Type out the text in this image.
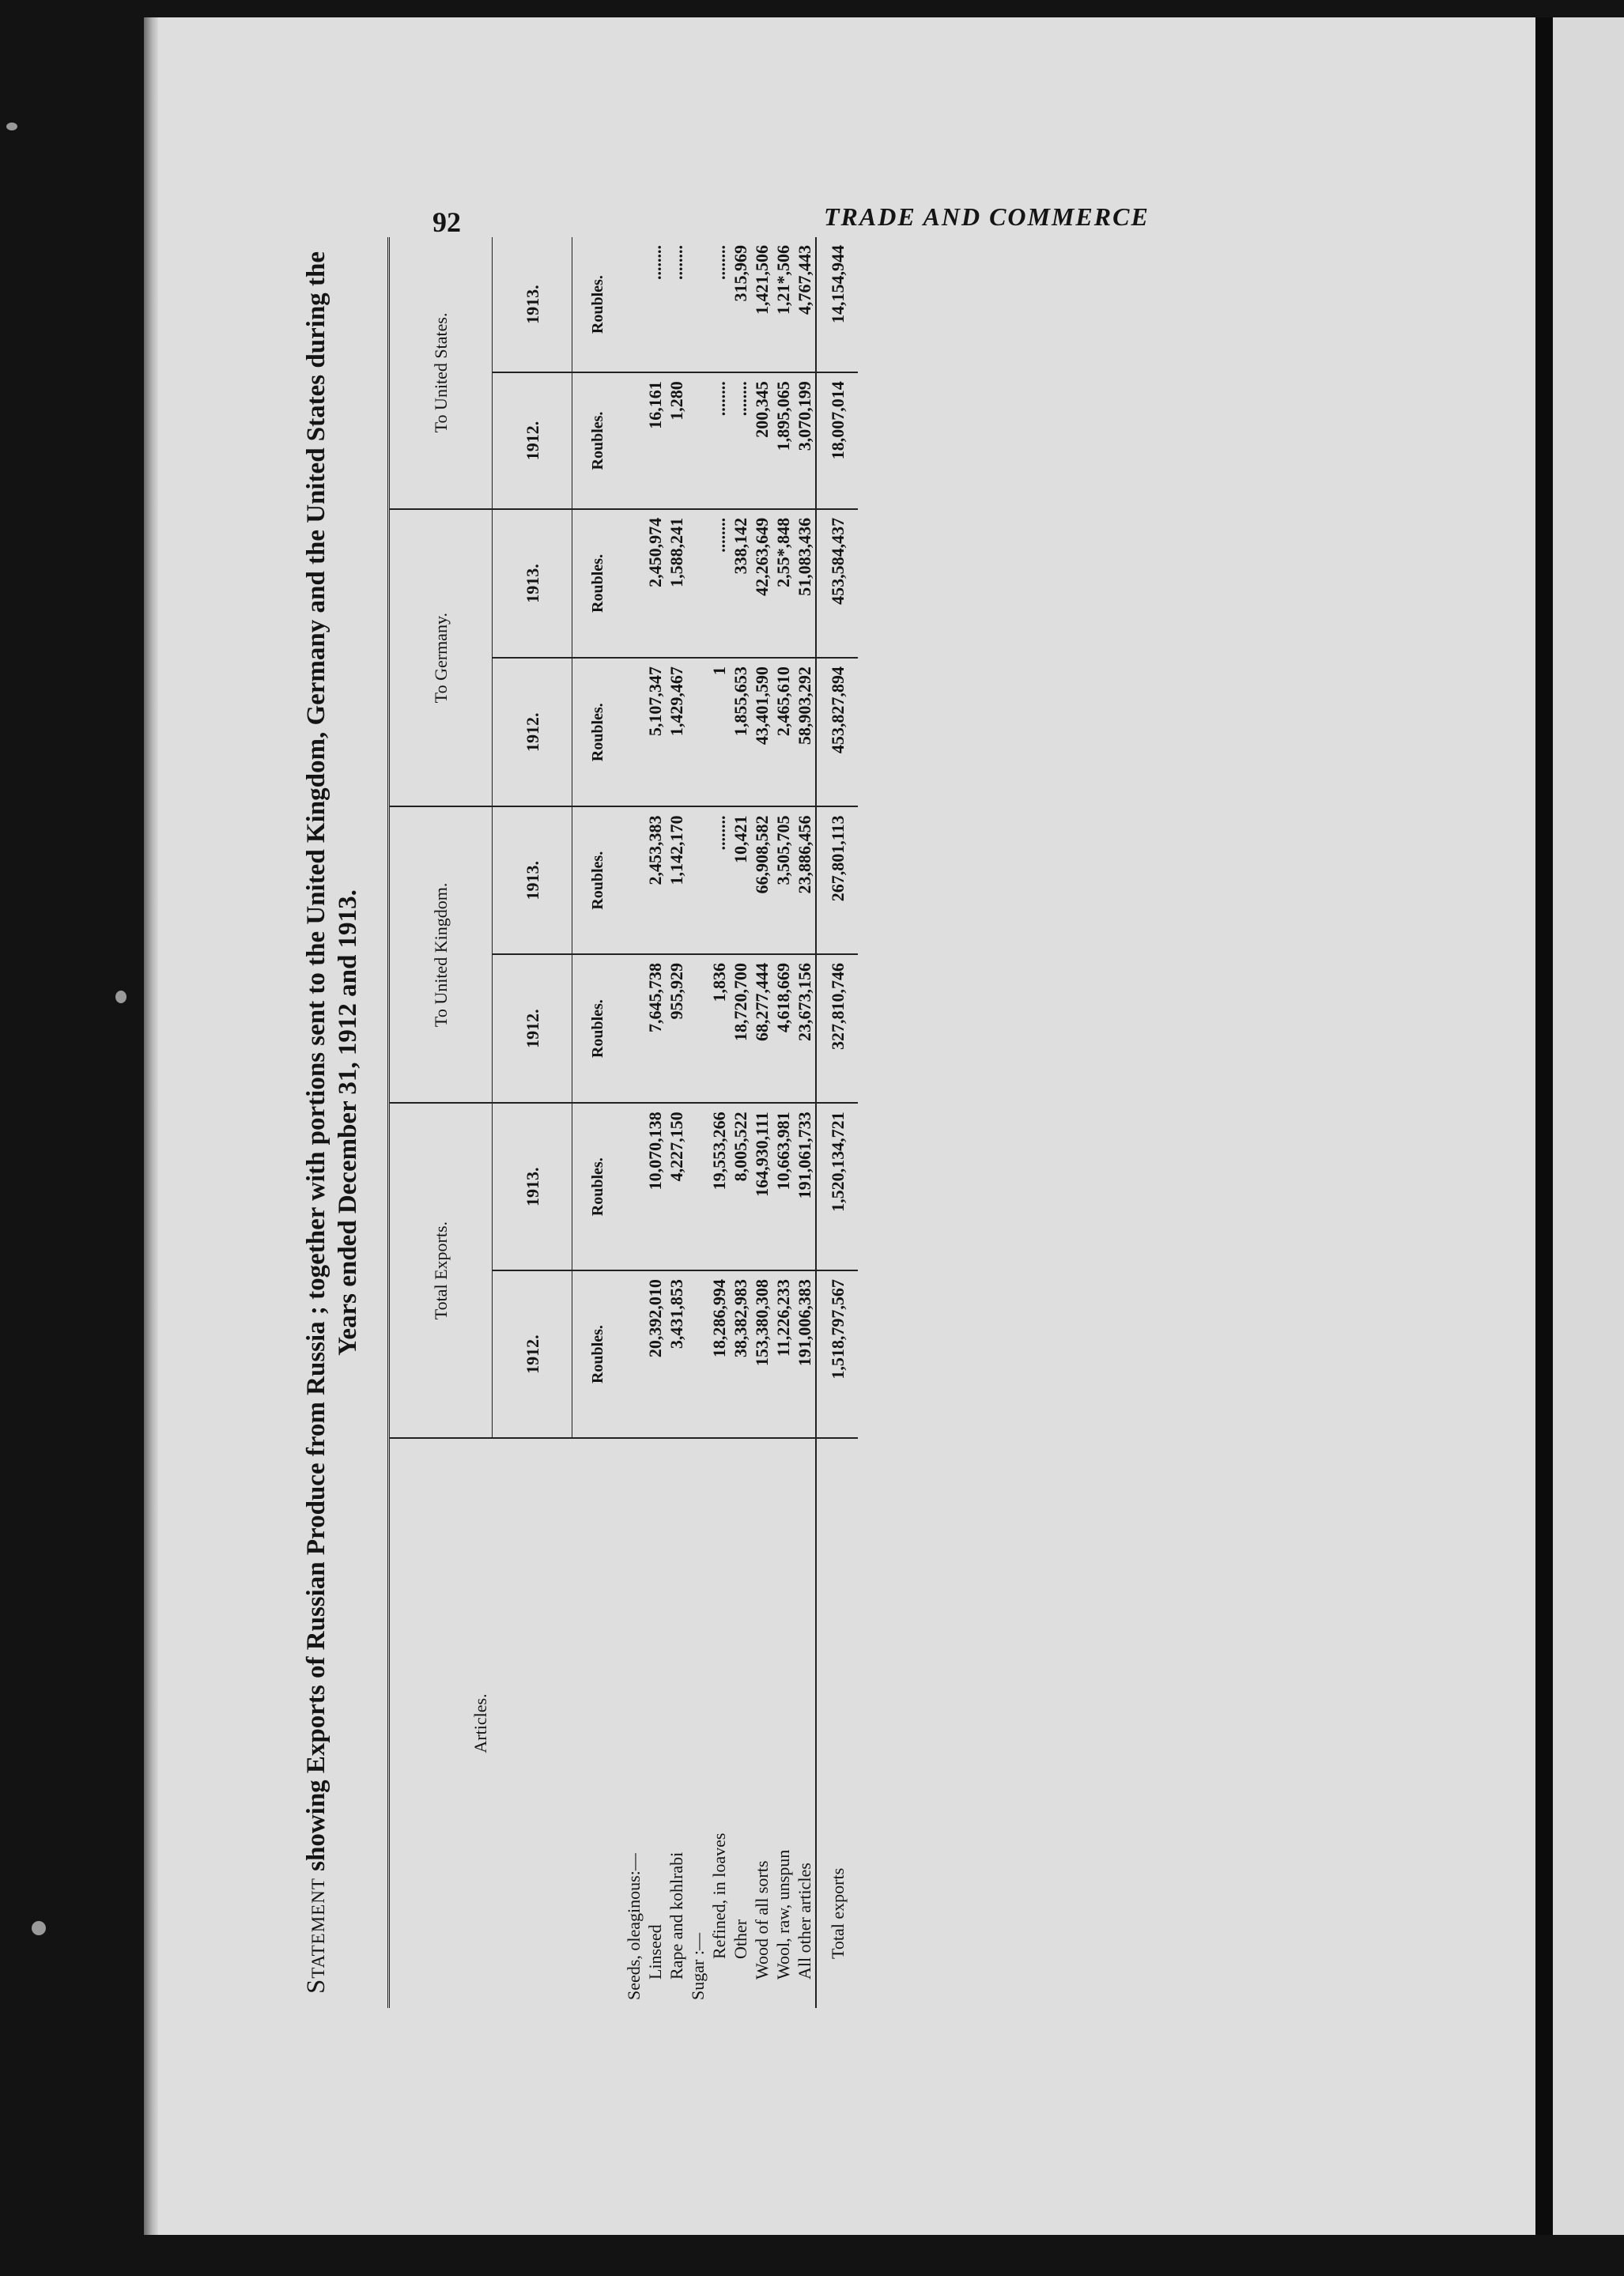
92	TRADE AND COMMERCE
Statement showing Exports of Russian Produce from Russia ; together with portions sent to the United Kingdom, Germany and the United States during the Years ended December 31, 1912 and 1913.
Articles.	Total Exports.		To United Kingdom.		To Germany.		To United States.	
	1912.	1913.	1912.	1913.	1912.	1913.	1912.	1913.
	Roubles.	Roubles.	Roubles.	Roubles.	Roubles.	Roubles.	Roubles.	Roubles.
Seeds, oleaginous:—								
Linseed	20,392,010	10,070,138	7,645,738	2,453,383	5,107,347	2,450,974	16,161	........
Rape and kohlrabi	3,431,853	4,227,150	955,929	1,142,170	1,429,467	1,588,241	1,280	........
Sugar :—								
Refined, in loaves	18,286,994	19,553,266	1,836	........	1	........	........	........
Other	38,382,983	8,005,522	18,720,700	10,421	1,855,653	338,142	........	315,969
Wood of all sorts	153,380,308	164,930,111	68,277,444	66,908,582	43,401,590	42,263,649	200,345	1,421,506
Wool, raw, unspun	11,226,233	10,663,981	4,618,669	3,505,705	2,465,610	2,55*,848	1,895,065	1,21*,506
All other articles	191,006,383	191,061,733	23,673,156	23,886,456	58,903,292	51,083,436	3,070,199	4,767,443
Total exports	1,518,797,567	1,520,134,721	327,810,746	267,801,113	453,827,894	453,584,437	18,007,014	14,154,944
